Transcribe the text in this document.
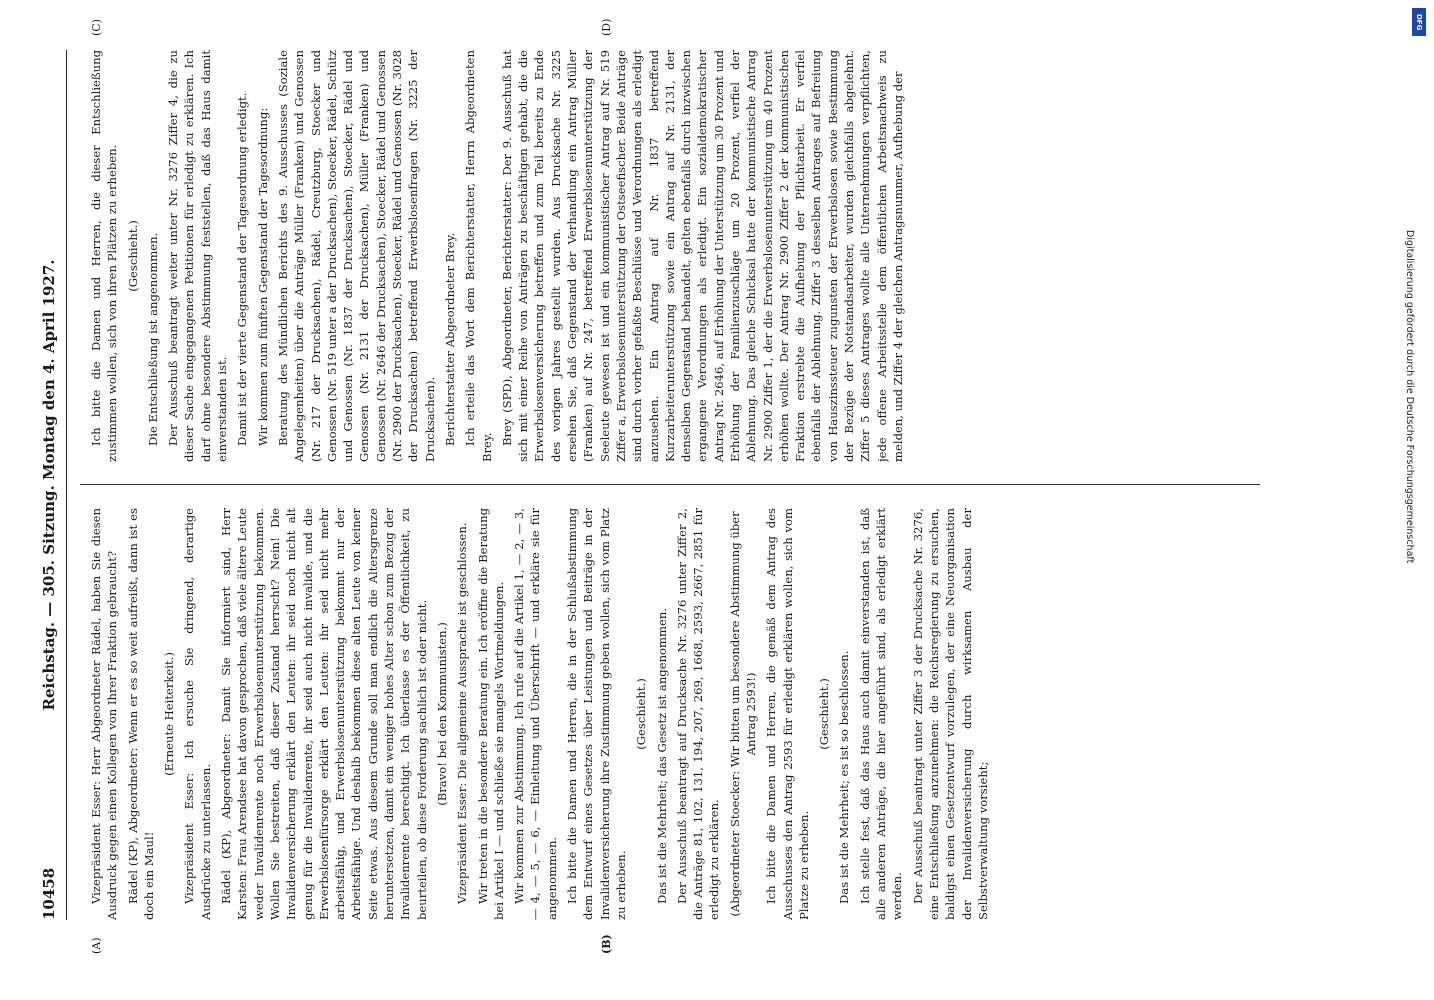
10458
Reichstag. — 305. Sitzung. Montag den 4. April 1927.
(A)	(B)
(C)	(D)

Vizepräsident Esser: Herr Abgeordneter Rädel, haben Sie diesen Ausdruck gegen einen Kollegen von Ihrer Fraktion gebraucht? Rädel (KP), Abgeordneter: Wenn er es so weit aufreißt, dann ist es doch ein Maul!

(Erneute Heiterkeit.) Vizepräsident Esser: Ich ersuche Sie dringend, derartige Ausdrücke zu unterlassen. Rädel (KP), Abgeordneter: Damit Sie informiert sind, Herr Karsten: Frau Arendsee hat davon gesprochen, daß viele ältere Leute weder Invalidenrente noch Erwerbslosenunterstützung bekommen. Wollen Sie bestreiten, daß dieser Zustand herrscht? Nein! Die Invalidenversicherung erklärt den Leuten: ihr seid noch nicht alt genug für die Invalidenrente, ihr seid auch nicht invalide, und die Erwerbslosenfürsorge erklärt den Leuten: ihr seid nicht mehr arbeitsfähig, und Erwerbslosenunterstützung bekommt nur der Arbeitsfähige. Und deshalb bekommen diese alten Leute von keiner Seite etwas. Aus diesem Grunde soll man endlich die Altersgrenze heruntersetzen, damit ein weniger hohes Alter schon zum Bezug der Invalidenrente berechtigt. Ich überlasse es der Öffentlichkeit, zu beurteilen, ob diese Forderung sachlich ist oder nicht. (Bravo! bei den Kommunisten.) Vizepräsident Esser: Die allgemeine Aussprache ist geschlossen. Wir treten in die besondere Beratung ein. Ich eröffne die Beratung bei Artikel I — und schließe sie mangels Wortmeldungen. Wir kommen zur Abstimmung. Ich rufe auf die Artikel 1, — 2, — 3, — 4, — 5, — 6, — Einleitung und Überschrift — und erkläre sie für angenommen. Ich bitte die Damen und Herren, die in der Schlußabstimmung dem Entwurf eines Gesetzes über Leistungen und Beiträge in der Invalidenversicherung ihre Zustimmung geben wollen, sich vom Platz zu erheben.

(Geschieht.) Das ist die Mehrheit; das Gesetz ist angenommen. Der Ausschuß beantragt auf Drucksache Nr. 3276 unter Ziffer 2, die Anträge 81, 102, 131, 194, 207, 269, 1668, 2593, 2667, 2851 für erledigt zu erklären. (Abgeordneter Stoecker: Wir bitten um besondere Abstimmung über Antrag 2593!) Ich bitte die Damen und Herren, die gemäß dem Antrag des Ausschusses den Antrag 2593 für erledigt erklären wollen, sich vom Platze zu erheben.

(Geschieht.) Das ist die Mehrheit; es ist so beschlossen. Ich stelle fest, daß das Haus auch damit einverstanden ist, daß alle anderen Anträge, die hier angeführt sind, als erledigt erklärt werden. Der Ausschuß beantragt unter Ziffer 3 der Drucksache Nr. 3276, eine Entschließung anzunehmen: die Reichsregierung zu ersuchen, baldigst einen Gesetzentwurf vorzulegen, der eine Neuorganisation der Invalidenversicherung durch wirksamen Ausbau der Selbstverwaltung vorsieht;

Ich bitte die Damen und Herren, die dieser Entschließung zustimmen wollen, sich von ihren Plätzen zu erheben. (Geschieht.) Die Entschließung ist angenommen. Der Ausschuß beantragt weiter unter Nr. 3276 Ziffer 4, die zu dieser Sache eingegangenen Petitionen für erledigt zu erklären. Ich darf ohne besondere Abstimmung feststellen, daß das Haus damit einverstanden ist. Damit ist der vierte Gegenstand der Tagesordnung erledigt. Wir kommen zum fünften Gegenstand der Tagesordnung: Beratung des Mündlichen Berichts des 9. Ausschusses (Soziale Angelegenheiten) über die Anträge Müller (Franken) und Genossen (Nr. 217 der Drucksachen), Rädel, Creutzburg, Stoecker und Genossen (Nr. 519 unter a der Drucksachen), Stoecker, Rädel, Schütz und Genossen (Nr. 1837 der Drucksachen), Stoecker, Rädel und Genossen (Nr. 2131 der Drucksachen), Müller (Franken) und Genossen (Nr. 2646 der Drucksachen), Stoecker, Rädel und Genossen (Nr. 2900 der Drucksachen), Stoecker, Rädel und Genossen (Nr. 3028 der Drucksachen) betreffend Erwerbslosenfragen (Nr. 3225 der Drucksachen). Berichterstatter Abgeordneter Brey. Ich erteile das Wort dem Berichterstatter, Herrn Abgeordneten Brey.

Brey (SPD), Abgeordneter, Berichterstatter: Der 9. Ausschuß hat sich mit einer Reihe von Anträgen zu beschäftigen gehabt, die die Erwerbslosenversicherung betreffen und zum Teil bereits zu Ende des vorigen Jahres gestellt wurden. Aus Drucksache Nr. 3225 ersehen Sie, daß Gegenstand der Verhandlung ein Antrag Müller (Franken) auf Nr. 247, betreffend Erwerbslosenunterstützung der Seeleute gewesen ist und ein kommunistischer Antrag auf Nr. 519 Ziffer a, Erwerbslosenunterstützung der Ostseefischer. Beide Anträge sind durch vorher gefaßte Beschlüsse und Verordnungen als erledigt anzusehen. Ein Antrag auf Nr. 1837 betreffend Kurzarbeiterunterstützung sowie ein Antrag auf Nr. 2131, der denselben Gegenstand behandelt, gelten ebenfalls durch inzwischen ergangene Verordnungen als erledigt. Ein sozialdemokratischer Antrag Nr. 2646, auf Erhöhung der Unterstützung um 30 Prozent und Erhöhung der Familienzuschläge um 20 Prozent, verfiel der Ablehnung. Das gleiche Schicksal hatte der kommunistische Antrag Nr. 2900 Ziffer 1, der die Erwerbslosenunterstützung um 40 Prozent erhöhen wollte. Der Antrag Nr. 2900 Ziffer 2 der kommunistischen Fraktion erstrebte die Aufhebung der Pflichtarbeit. Er verfiel ebenfalls der Ablehnung. Ziffer 3 desselben Antrages auf Befreiung von Hauszinssteuer zugunsten der Erwerbslosen sowie Bestimmung der Bezüge der Notstandsarbeiter, wurden gleichfalls abgelehnt. Ziffer 5 dieses Antrages wollte alle Unternehmungen verpflichten, jede offene Arbeitsstelle dem öffentlichen Arbeitsnachweis zu melden, und Ziffer 4 der gleichen Antragsnummer, Aufhebung der	Digitalisierung gefördert durch die Deutsche Forschungsgemeinschaft
DFG
